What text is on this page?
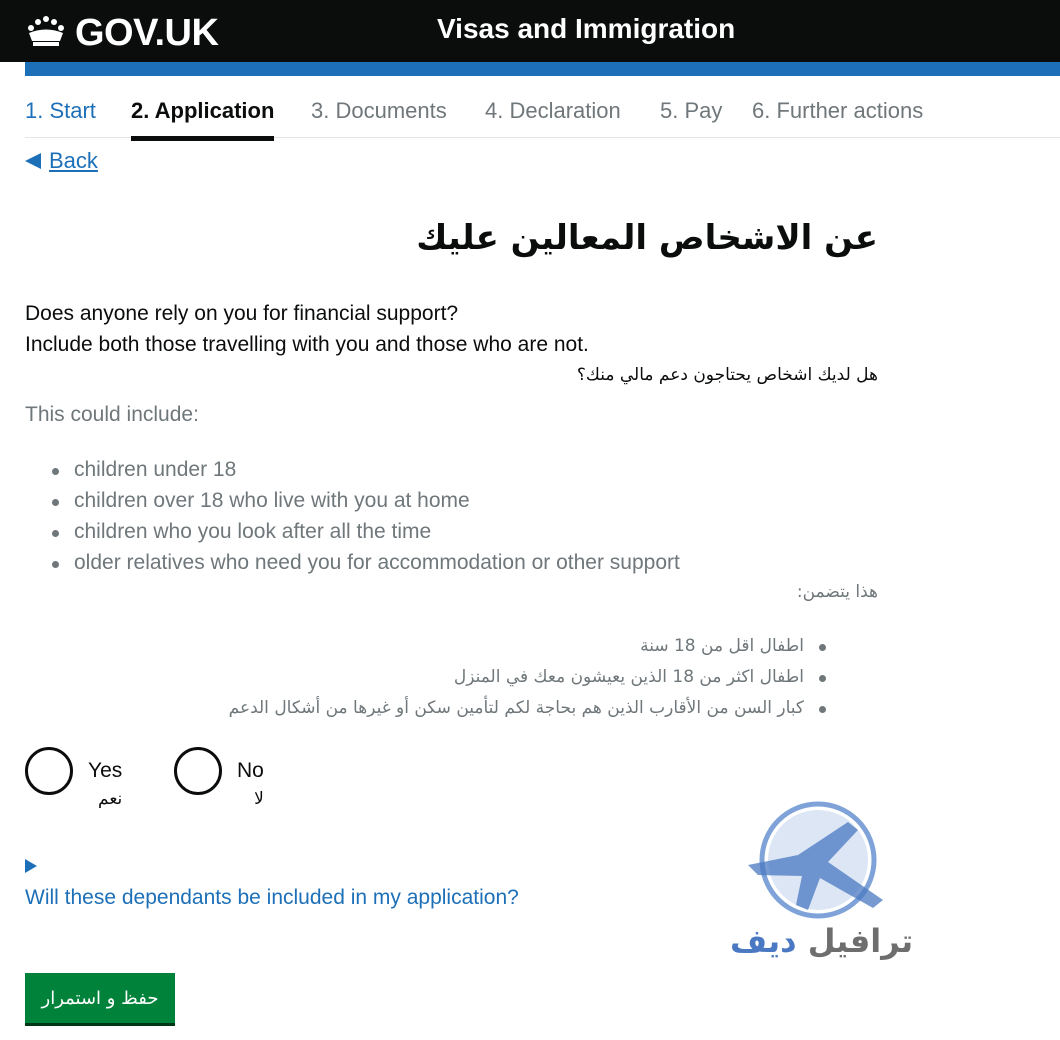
GOV.UK	Visas and Immigration
1. Start 2. Application 3. Documents 4. Declaration 5. Pay 6. Further actions
Back
عن الاشخاص المعالين عليك
Does anyone rely on you for financial support?
Include both those travelling with you and those who are not.
هل لديك اشخاص يحتاجون دعم مالي منك؟
This could include:
children under 18
children over 18 who live with you at home
children who you look after all the time
older relatives who need you for accommodation or other support
هذا يتضمن:
اطفال اقل من 18 سنة
اطفال اكثر من 18 الذين يعيشون معك في المنزل
كبار السن من الأقارب الذين هم بحاجة لكم لتأمين سكن أو غيرها من أشكال الدعم
Yes
نعم
No
لا
Will these dependants be included in my application?
ترافيل ديف
حفظ و استمرار
